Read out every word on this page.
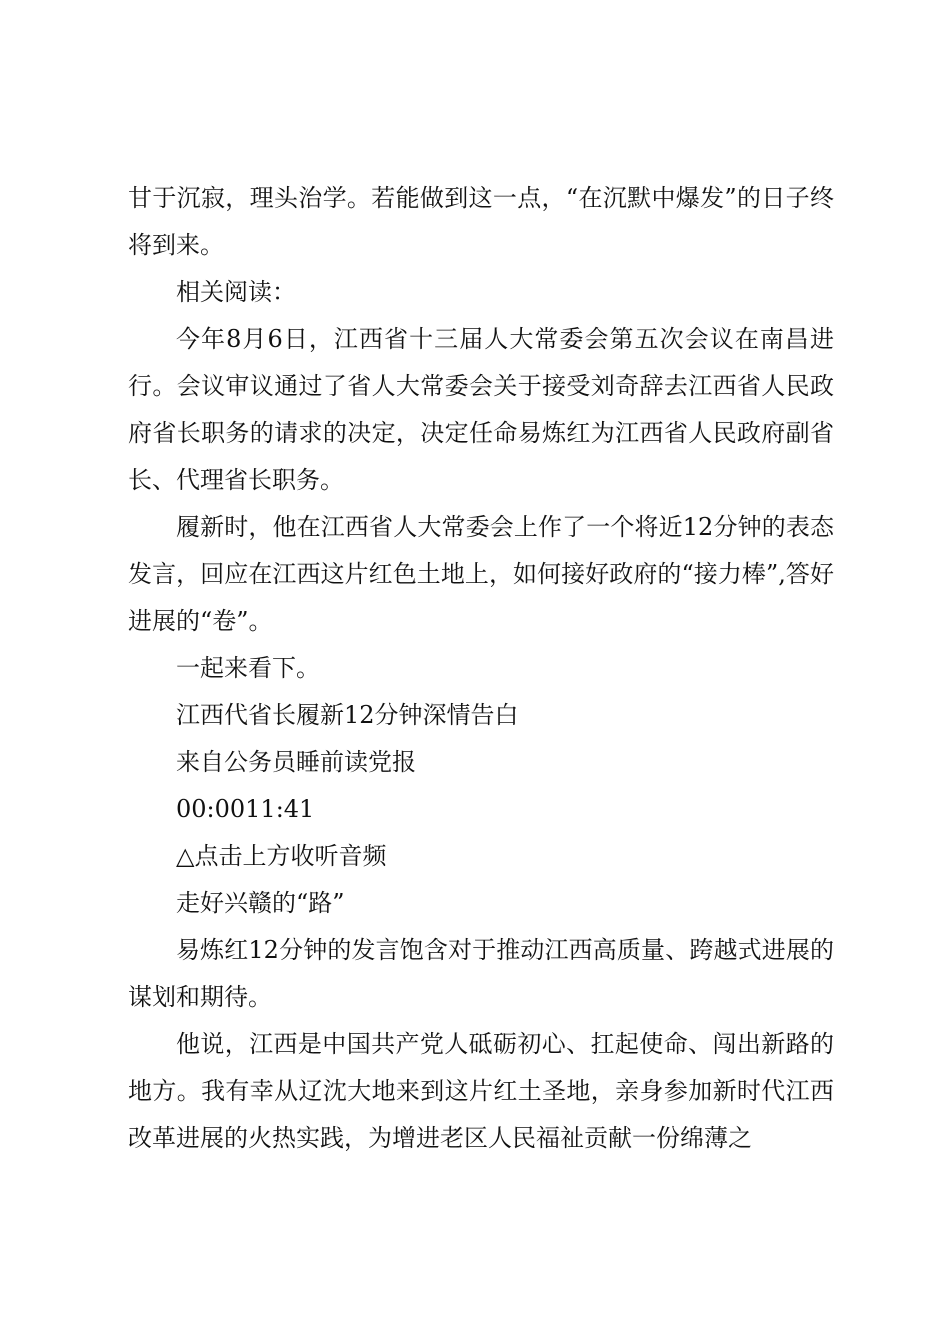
甘于沉寂，理头治学。若能做到这一点，“在沉默中爆发”的日子终将到来。

相关阅读：

今年8月6日，江西省十三届人大常委会第五次会议在南昌进行。会议审议通过了省人大常委会关于接受刘奇辞去江西省人民政府省长职务的请求的决定，决定任命易炼红为江西省人民政府副省长、代理省长职务。

履新时，他在江西省人大常委会上作了一个将近12分钟的表态发言，回应在江西这片红色土地上，如何接好政府的“接力棒”,答好进展的“卷”。

一起来看下。

江西代省长履新12分钟深情告白

来自公务员睡前读党报

00:0011:41

△点击上方收听音频

走好兴赣的“路”

易炼红12分钟的发言饱含对于推动江西高质量、跨越式进展的谋划和期待。

他说，江西是中国共产党人砥砺初心、扛起使命、闯出新路的地方。我有幸从辽沈大地来到这片红土圣地，亲身参加新时代江西改革进展的火热实践，为增进老区人民福祉贡献一份绵薄之
